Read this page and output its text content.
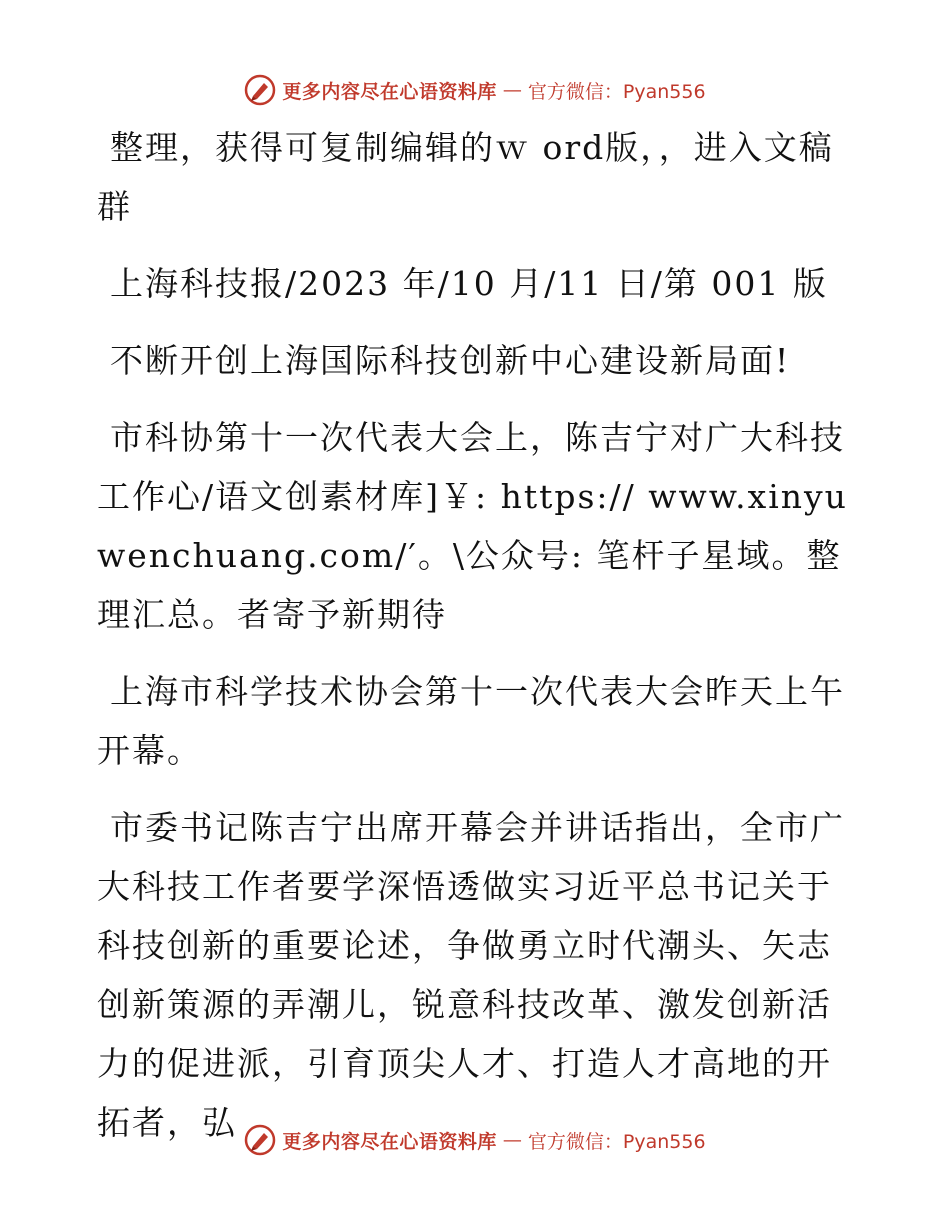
更多内容尽在心语资料库 — 官方微信：Pyan556

整理，获得可复制编辑的ｗ ord版，，进入文稿群

上海科技报/2023 年/10 月/11 日/第 001 版

不断开创上海国际科技创新中心建设新局面!

市科协第十一次代表大会上，陈吉宁对广大科技工作心/语文创素材库]￥: https:// www.xinyuwenchuang.com/′。\公众号: 笔杆子星域。整理汇总。者寄予新期待

上海市科学技术协会第十一次代表大会昨天上午开幕。

市委书记陈吉宁出席开幕会并讲话指出，全市广大科技工作者要学深悟透做实习近平总书记关于科技创新的重要论述，争做勇立时代潮头、矢志创新策源的弄潮儿，锐意科技改革、激发创新活力的促进派，引育顶尖人才、打造人才高地的开拓者，弘	更多内容尽在心语资料库 — 官方微信：Pyan556
